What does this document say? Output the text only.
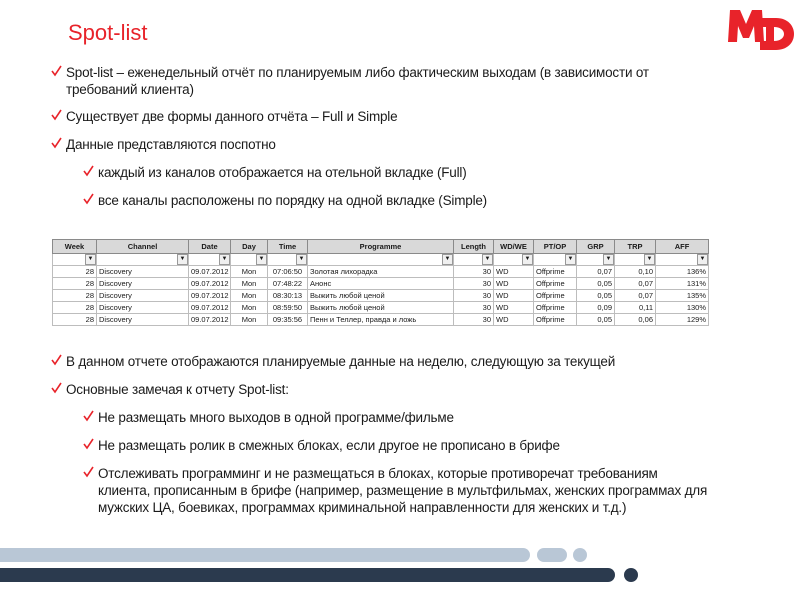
Spot-list
Spot-list – еженедельный отчёт по планируемым либо фактическим выходам (в зависимости от требований клиента)
Существует две формы данного отчёта – Full и Simple
Данные представляются поспотно
каждый из каналов отображается на отельной вкладке (Full)
все каналы расположены по порядку на одной вкладке (Simple)
Week	Channel	Date	Day	Time	Programme	Length	WD/WE	PT/OP	GRP	TRP	AFF

▼	▼	▼	▼	▼	▼	▼	▼	▼	▼	▼	▼

28	Discovery	09.07.2012	Mon	07:06:50	Золотая лихорадка	30	WD	Offprime	0,07	0,10	136%
28	Discovery	09.07.2012	Mon	07:48:22	Анонс	30	WD	Offprime	0,05	0,07	131%
28	Discovery	09.07.2012	Mon	08:30:13	Выжить любой ценой	30	WD	Offprime	0,05	0,07	135%
28	Discovery	09.07.2012	Mon	08:59:50	Выжить любой ценой	30	WD	Offprime	0,09	0,11	130%
28	Discovery	09.07.2012	Mon	09:35:56	Пенн и Теллер, правда и ложь	30	WD	Offprime	0,05	0,06	129%
В данном отчете отображаются планируемые данные на неделю, следующую за текущей
Основные замечая к отчету Spot-list:
Не размещать много выходов в одной программе/фильме
Не размещать ролик в смежных блоках, если другое не прописано в брифе
Отслеживать программинг и не размещаться в блоках, которые противоречат требованиям клиента, прописанным в брифе (например, размещение в мультфильмах, женских программах для мужских ЦА, боевиках, программах криминальной направленности для женских и т.д.)
